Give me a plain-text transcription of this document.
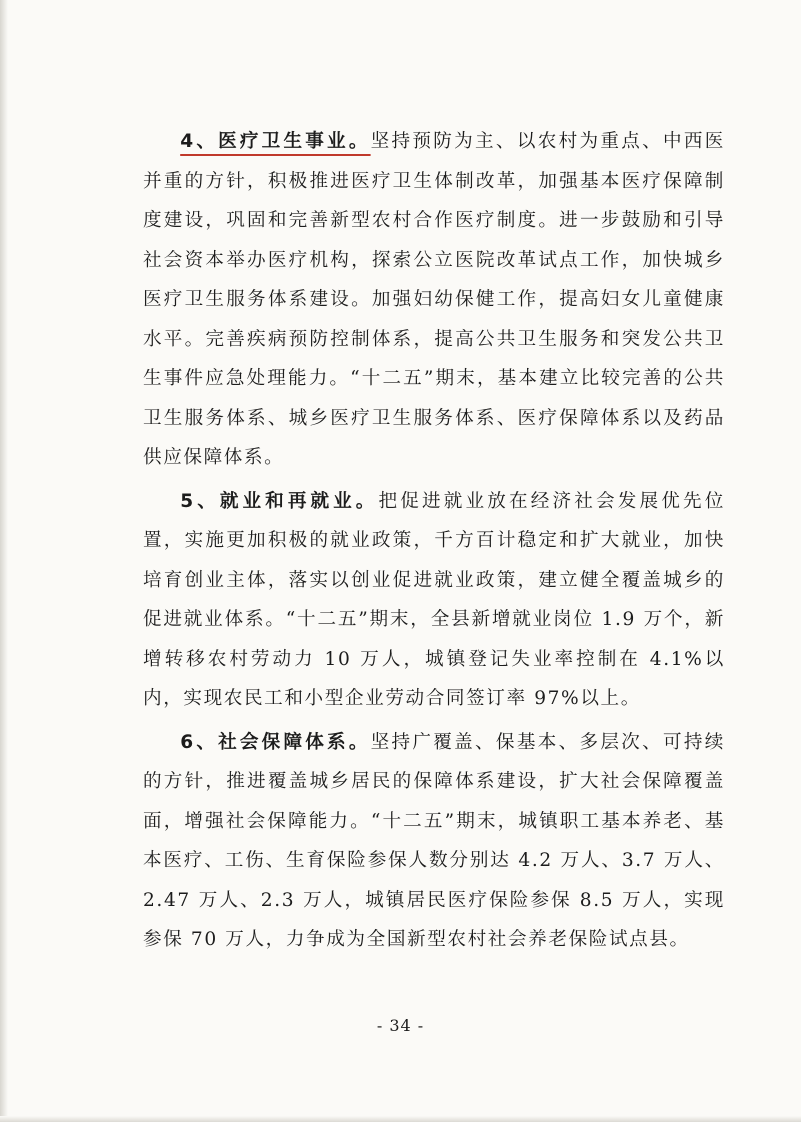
4、医疗卫生事业。坚持预防为主、以农村为重点、中西医并重的方针，积极推进医疗卫生体制改革，加强基本医疗保障制度建设，巩固和完善新型农村合作医疗制度。进一步鼓励和引导社会资本举办医疗机构，探索公立医院改革试点工作，加快城乡医疗卫生服务体系建设。加强妇幼保健工作，提高妇女儿童健康水平。完善疾病预防控制体系，提高公共卫生服务和突发公共卫生事件应急处理能力。“十二五”期末，基本建立比较完善的公共卫生服务体系、城乡医疗卫生服务体系、医疗保障体系以及药品供应保障体系。

5、就业和再就业。把促进就业放在经济社会发展优先位置，实施更加积极的就业政策，千方百计稳定和扩大就业，加快培育创业主体，落实以创业促进就业政策，建立健全覆盖城乡的促进就业体系。“十二五”期末，全县新增就业岗位 1.9 万个，新增转移农村劳动力 10 万人，城镇登记失业率控制在 4.1%以内，实现农民工和小型企业劳动合同签订率 97%以上。

6、社会保障体系。坚持广覆盖、保基本、多层次、可持续的方针，推进覆盖城乡居民的保障体系建设，扩大社会保障覆盖面，增强社会保障能力。“十二五”期末，城镇职工基本养老、基本医疗、工伤、生育保险参保人数分别达 4.2 万人、3.7 万人、2.47 万人、2.3 万人，城镇居民医疗保险参保 8.5 万人，实现参保 70 万人，力争成为全国新型农村社会养老保险试点县。

- 34 -
